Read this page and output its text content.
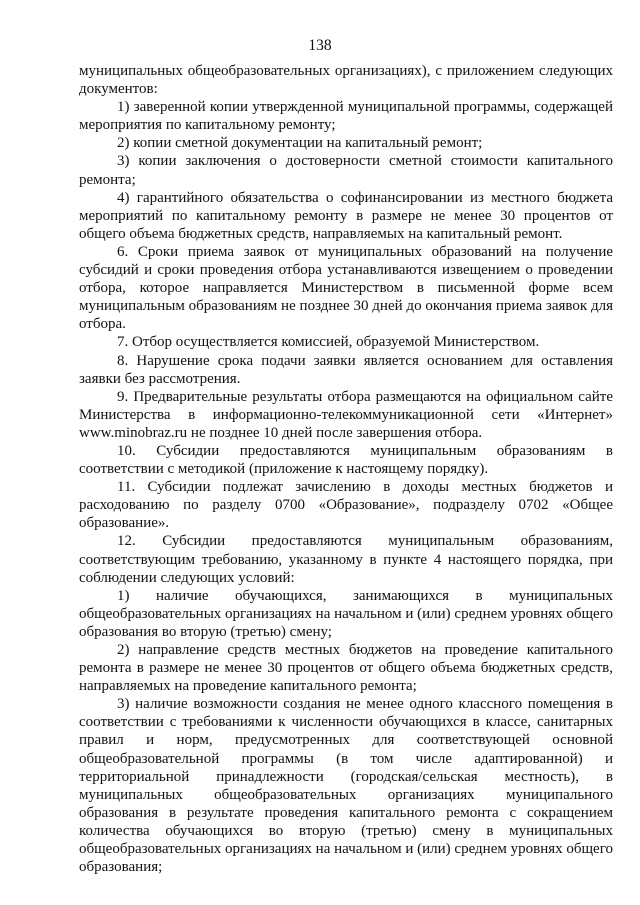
138

муниципальных общеобразовательных организациях), с приложением следующих документов:

1) заверенной копии утвержденной муниципальной программы, содержащей мероприятия по капитальному ремонту;

2) копии сметной документации на капитальный ремонт;

3) копии заключения о достоверности сметной стоимости капитального ремонта;

4) гарантийного обязательства о софинансировании из местного бюджета мероприятий по капитальному ремонту в размере не менее 30 процентов от общего объема бюджетных средств, направляемых на капитальный ремонт.

6. Сроки приема заявок от муниципальных образований на получение субсидий и сроки проведения отбора устанавливаются извещением о проведении отбора, которое направляется Министерством в письменной форме всем муниципальным образованиям не позднее 30 дней до окончания приема заявок для отбора.

7. Отбор осуществляется комиссией, образуемой Министерством.

8. Нарушение срока подачи заявки является основанием для оставления заявки без рассмотрения.

9. Предварительные результаты отбора размещаются на официальном сайте Министерства в информационно-телекоммуникационной сети «Интернет» www.minobraz.ru не позднее 10 дней после завершения отбора.

10. Субсидии предоставляются муниципальным образованиям в соответствии с методикой (приложение к настоящему порядку).

11. Субсидии подлежат зачислению в доходы местных бюджетов и расходованию по разделу 0700 «Образование», подразделу 0702 «Общее образование».

12. Субсидии предоставляются муниципальным образованиям, соответствующим требованию, указанному в пункте 4 настоящего порядка, при соблюдении следующих условий:

1) наличие обучающихся, занимающихся в муниципальных общеобразовательных организациях на начальном и (или) среднем уровнях общего образования во вторую (третью) смену;

2) направление средств местных бюджетов на проведение капитального ремонта в размере не менее 30 процентов от общего объема бюджетных средств, направляемых на проведение капитального ремонта;

3) наличие возможности создания не менее одного классного помещения в соответствии с требованиями к численности обучающихся в классе, санитарных правил и норм, предусмотренных для соответствующей основной общеобразовательной программы (в том числе адаптированной) и территориальной принадлежности (городская/сельская местность), в муниципальных общеобразовательных организациях муниципального образования в результате проведения капитального ремонта с сокращением количества обучающихся во вторую (третью) смену в муниципальных общеобразовательных организациях на начальном и (или) среднем уровнях общего образования;
